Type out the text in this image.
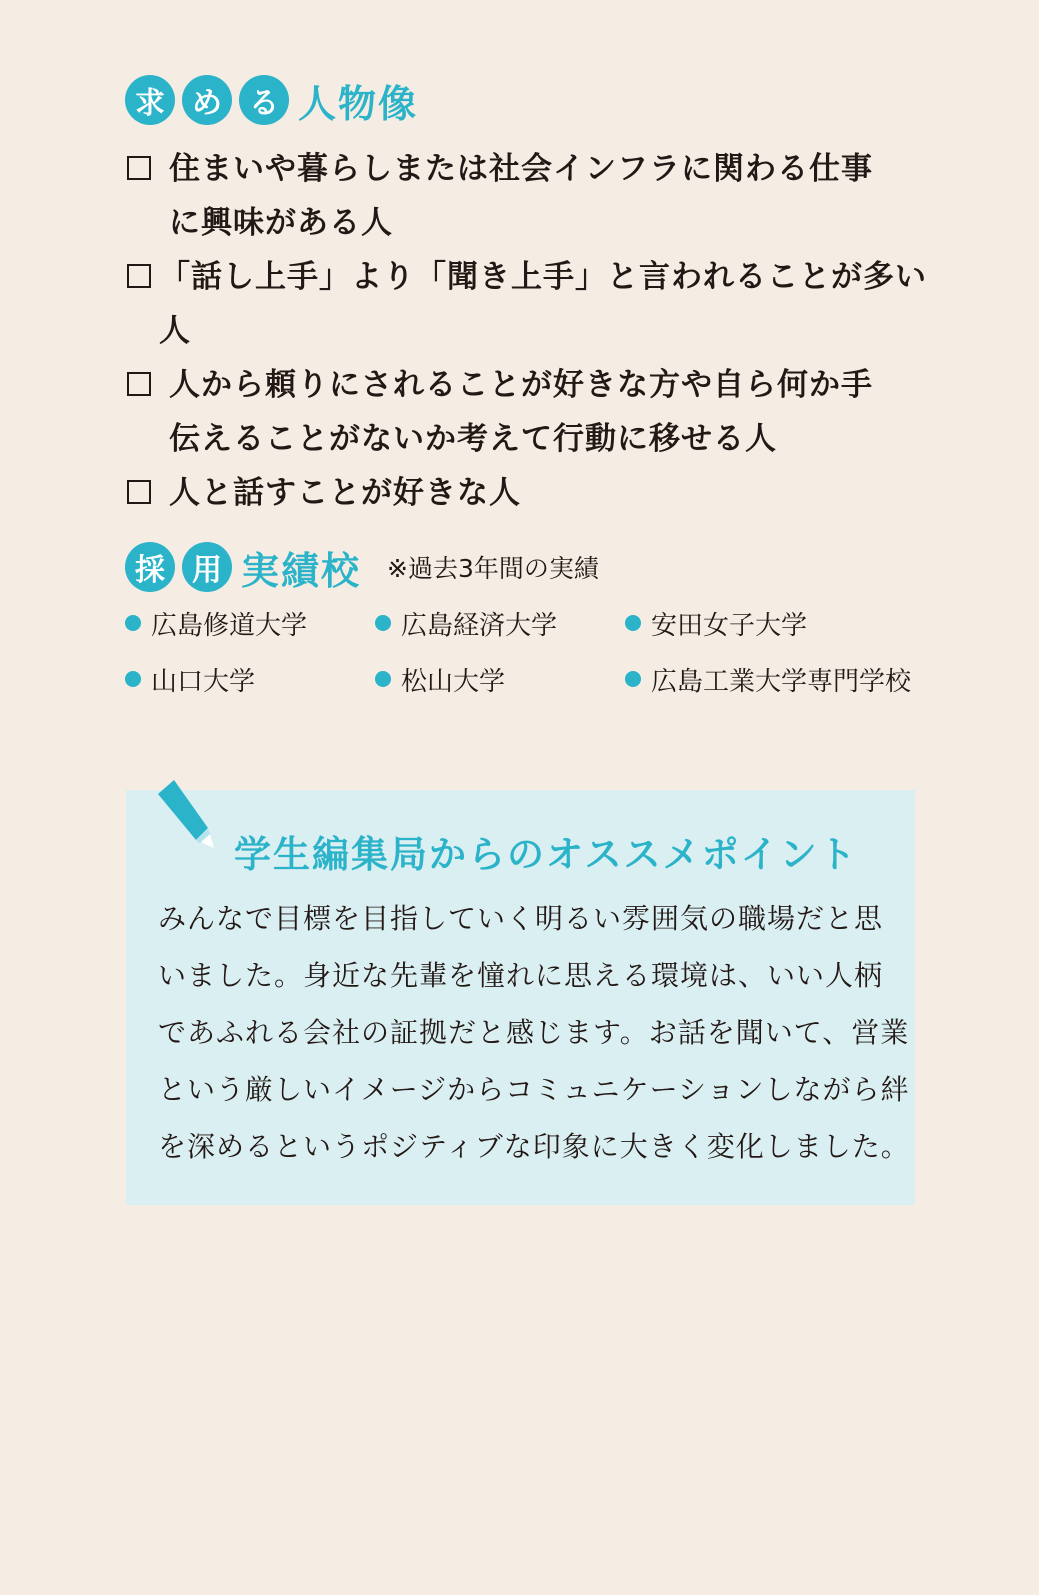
求 め る 人物像
住まいや暮らしまたは社会インフラに関わる仕事
に興味がある人
「話し上手」より「聞き上手」と言われることが多い人
人から頼りにされることが好きな方や自ら何か手
伝えることがないか考えて行動に移せる人
人と話すことが好きな人
採 用 実績校 ※過去3年間の実績
広島修道大学	広島経済大学	安田女子大学
山口大学	松山大学	広島工業大学専門学校
学生編集局からのオススメポイント

みんなで目標を目指していく明るい雰囲気の職場だと思

いました。身近な先輩を憧れに思える環境は、いい人柄

であふれる会社の証拠だと感じます。お話を聞いて、営業

という厳しいイメージからコミュニケーションしながら絆

を深めるというポジティブな印象に大きく変化しました。
